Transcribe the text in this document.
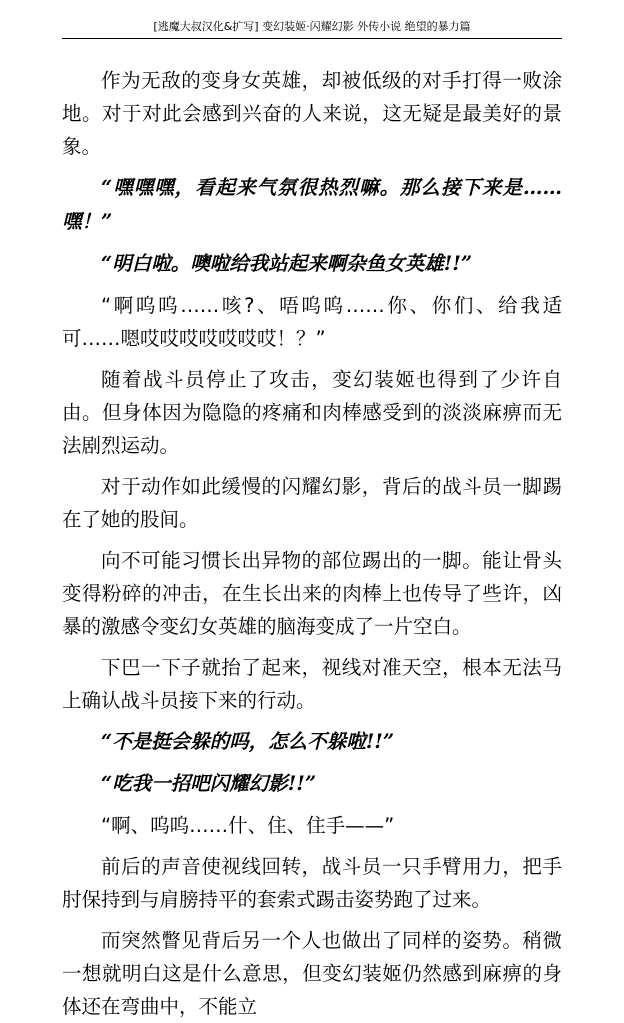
[逃魔大叔汉化&扩写] 变幻装姬·闪耀幻影 外传小说 绝望的暴力篇

作为无敌的变身女英雄，却被低级的对手打得一败涂地。对于对此会感到兴奋的人来说，这无疑是最美好的景象。

“嘿嘿嘿，看起来气氛很热烈嘛。那么接下来是……嘿！”

“明白啦。噢啦给我站起来啊杂鱼女英雄!!”

“啊呜呜……咳?、唔呜呜……你、你们、给我适可……嗯哎哎哎哎哎哎哎！？”

随着战斗员停止了攻击，变幻装姬也得到了少许自由。但身体因为隐隐的疼痛和肉棒感受到的淡淡麻痹而无法剧烈运动。

对于动作如此缓慢的闪耀幻影，背后的战斗员一脚踢在了她的股间。

向不可能习惯长出异物的部位踢出的一脚。能让骨头变得粉碎的冲击，在生长出来的肉棒上也传导了些许，凶暴的激感令变幻女英雄的脑海变成了一片空白。

下巴一下子就抬了起来，视线对准天空，根本无法马上确认战斗员接下来的行动。

“不是挺会躲的吗，怎么不躲啦!!”

“吃我一招吧闪耀幻影!!”

“啊、呜呜……什、住、住手——”

前后的声音使视线回转，战斗员一只手臂用力，把手肘保持到与肩膀持平的套索式踢击姿势跑了过来。

而突然瞥见背后另一个人也做出了同样的姿势。稍微一想就明白这是什么意思，但变幻装姬仍然感到麻痹的身体还在弯曲中，不能立
